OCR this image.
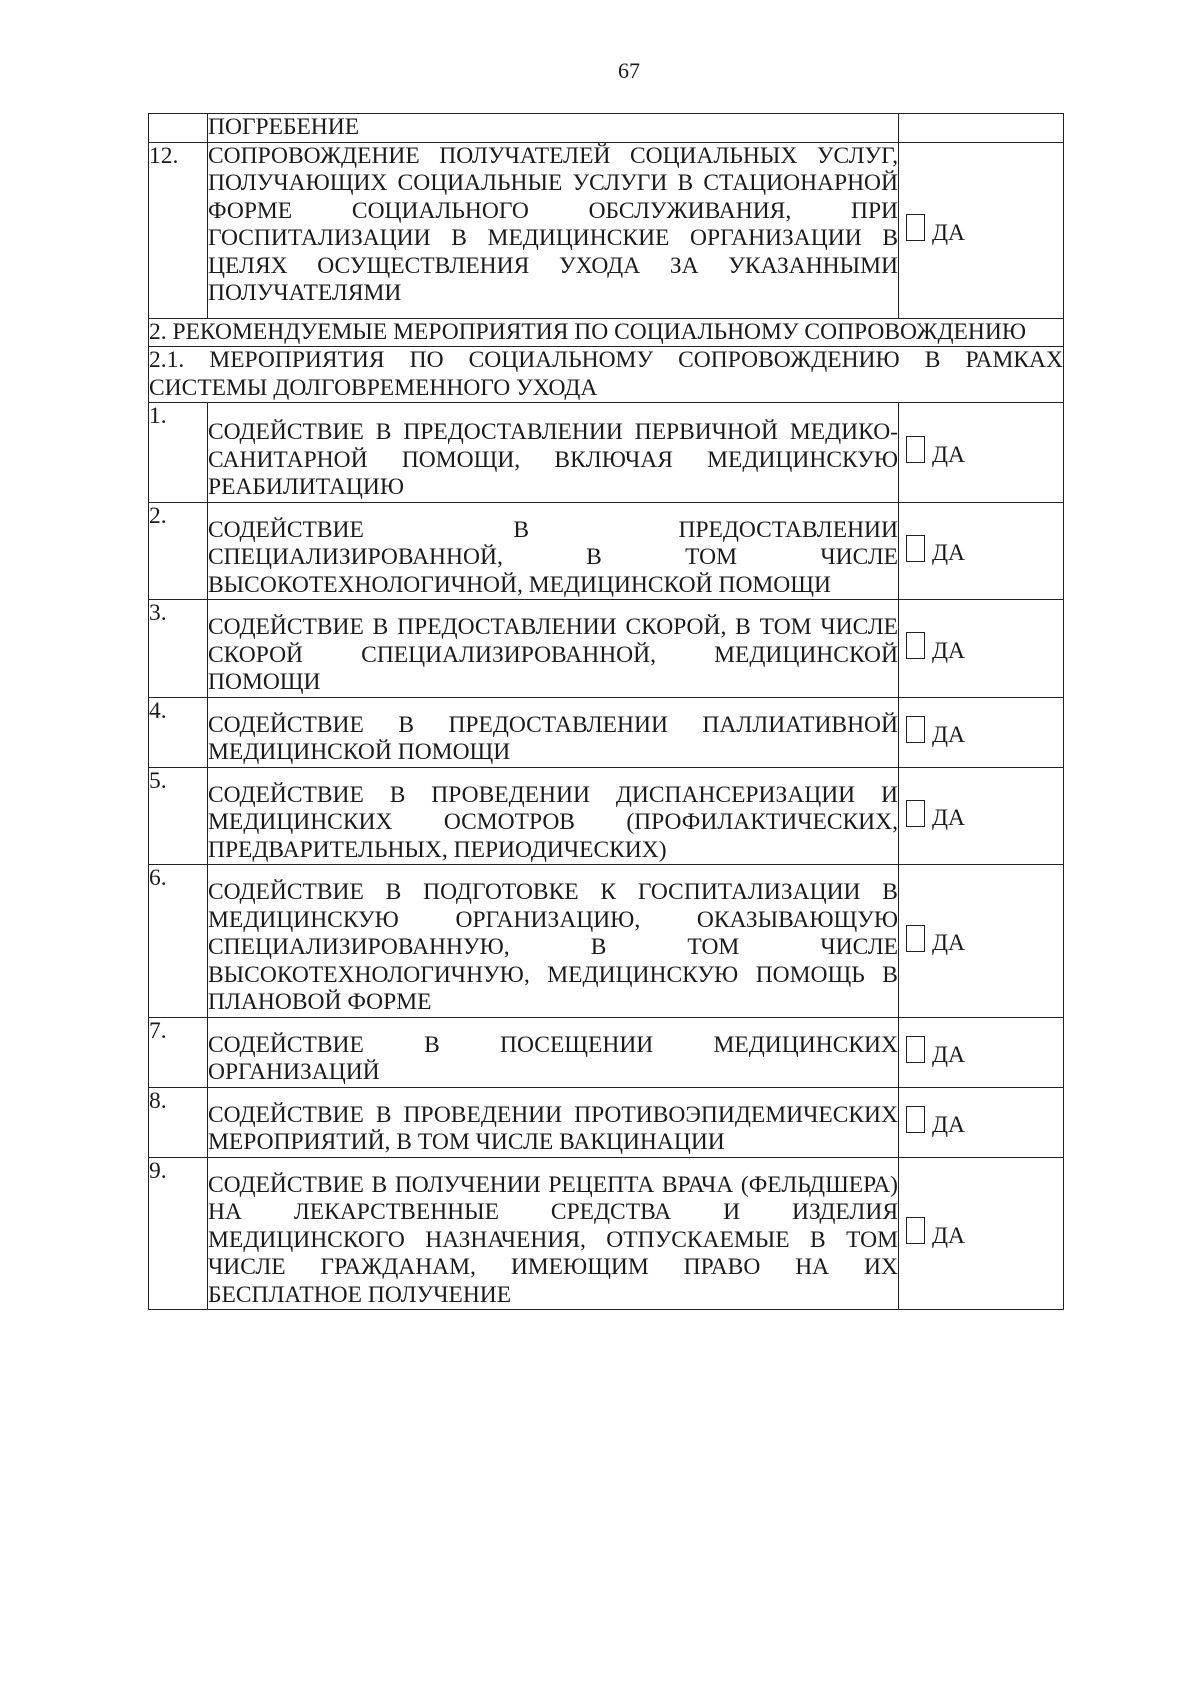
67
	ПОГРЕБЕНИЕ	
12.	СОПРОВОЖДЕНИЕ ПОЛУЧАТЕЛЕЙ СОЦИАЛЬНЫХ УСЛУГ, ПОЛУЧАЮЩИХ СОЦИАЛЬНЫЕ УСЛУГИ В СТАЦИОНАРНОЙ ФОРМЕ СОЦИАЛЬНОГО ОБСЛУЖИВАНИЯ, ПРИ ГОСПИТАЛИЗАЦИИ В МЕДИЦИНСКИЕ ОРГАНИЗАЦИИ В ЦЕЛЯХ ОСУЩЕСТВЛЕНИЯ УХОДА ЗА УКАЗАННЫМИ ПОЛУЧАТЕЛЯМИ	ДА
2. РЕКОМЕНДУЕМЫЕ МЕРОПРИЯТИЯ ПО СОЦИАЛЬНОМУ СОПРОВОЖДЕНИЮ		
2.1. МЕРОПРИЯТИЯ ПО СОЦИАЛЬНОМУ СОПРОВОЖДЕНИЮ В РАМКАХ СИСТЕМЫ ДОЛГОВРЕМЕННОГО УХОДА		
1.	СОДЕЙСТВИЕ В ПРЕДОСТАВЛЕНИИ ПЕРВИЧНОЙ МЕДИКО-САНИТАРНОЙ ПОМОЩИ, ВКЛЮЧАЯ МЕДИЦИНСКУЮ РЕАБИЛИТАЦИЮ	ДА
2.	СОДЕЙСТВИЕ В ПРЕДОСТАВЛЕНИИ СПЕЦИАЛИЗИРОВАННОЙ, В ТОМ ЧИСЛЕ ВЫСОКОТЕХНОЛОГИЧНОЙ, МЕДИЦИНСКОЙ ПОМОЩИ	ДА
3.	СОДЕЙСТВИЕ В ПРЕДОСТАВЛЕНИИ СКОРОЙ, В ТОМ ЧИСЛЕ СКОРОЙ СПЕЦИАЛИЗИРОВАННОЙ, МЕДИЦИНСКОЙ ПОМОЩИ	ДА
4.	СОДЕЙСТВИЕ В ПРЕДОСТАВЛЕНИИ ПАЛЛИАТИВНОЙ МЕДИЦИНСКОЙ ПОМОЩИ	ДА
5.	СОДЕЙСТВИЕ В ПРОВЕДЕНИИ ДИСПАНСЕРИЗАЦИИ И МЕДИЦИНСКИХ ОСМОТРОВ (ПРОФИЛАКТИЧЕСКИХ, ПРЕДВАРИТЕЛЬНЫХ, ПЕРИОДИЧЕСКИХ)	ДА
6.	СОДЕЙСТВИЕ В ПОДГОТОВКЕ К ГОСПИТАЛИЗАЦИИ В МЕДИЦИНСКУЮ ОРГАНИЗАЦИЮ, ОКАЗЫВАЮЩУЮ СПЕЦИАЛИЗИРОВАННУЮ, В ТОМ ЧИСЛЕ ВЫСОКОТЕХНОЛОГИЧНУЮ, МЕДИЦИНСКУЮ ПОМОЩЬ В ПЛАНОВОЙ ФОРМЕ	ДА
7.	СОДЕЙСТВИЕ В ПОСЕЩЕНИИ МЕДИЦИНСКИХ ОРГАНИЗАЦИЙ	ДА
8.	СОДЕЙСТВИЕ В ПРОВЕДЕНИИ ПРОТИВОЭПИДЕМИЧЕСКИХ МЕРОПРИЯТИЙ, В ТОМ ЧИСЛЕ ВАКЦИНАЦИИ	ДА
9.	СОДЕЙСТВИЕ В ПОЛУЧЕНИИ РЕЦЕПТА ВРАЧА (ФЕЛЬДШЕРА) НА ЛЕКАРСТВЕННЫЕ СРЕДСТВА И ИЗДЕЛИЯ МЕДИЦИНСКОГО НАЗНАЧЕНИЯ, ОТПУСКАЕМЫЕ В ТОМ ЧИСЛЕ ГРАЖДАНАМ, ИМЕЮЩИМ ПРАВО НА ИХ БЕСПЛАТНОЕ ПОЛУЧЕНИЕ	ДА
